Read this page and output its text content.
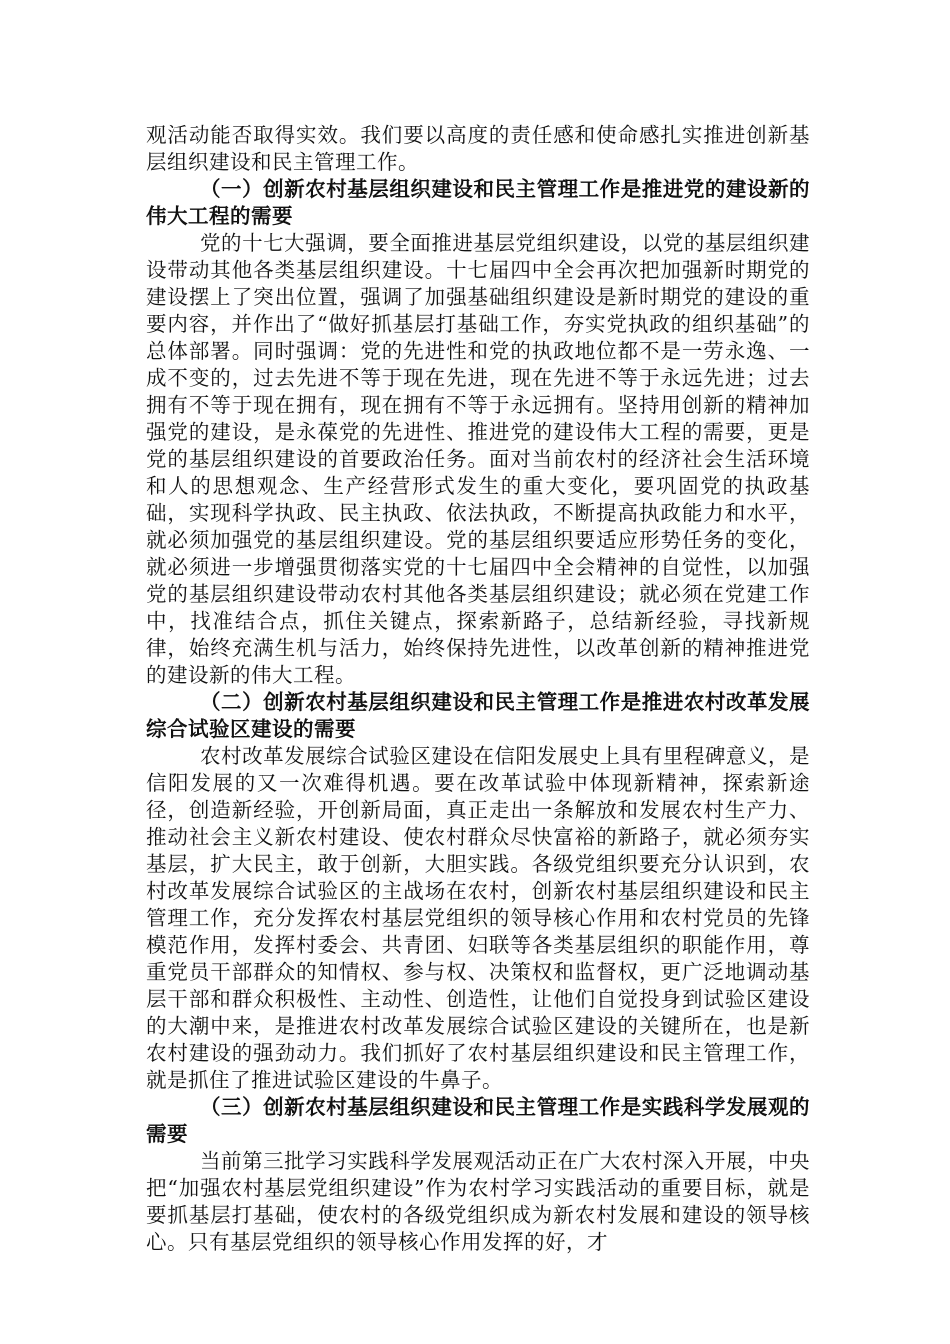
观活动能否取得实效。我们要以高度的责任感和使命感扎实推进创新基层组织建设和民主管理工作。

（一）创新农村基层组织建设和民主管理工作是推进党的建设新的伟大工程的需要

党的十七大强调，要全面推进基层党组织建设，以党的基层组织建设带动其他各类基层组织建设。十七届四中全会再次把加强新时期党的建设摆上了突出位置，强调了加强基础组织建设是新时期党的建设的重要内容，并作出了“做好抓基层打基础工作，夯实党执政的组织基础”的总体部署。同时强调：党的先进性和党的执政地位都不是一劳永逸、一成不变的，过去先进不等于现在先进，现在先进不等于永远先进；过去拥有不等于现在拥有，现在拥有不等于永远拥有。坚持用创新的精神加强党的建设，是永葆党的先进性、推进党的建设伟大工程的需要，更是党的基层组织建设的首要政治任务。面对当前农村的经济社会生活环境和人的思想观念、生产经营形式发生的重大变化，要巩固党的执政基础，实现科学执政、民主执政、依法执政，不断提高执政能力和水平，就必须加强党的基层组织建设。党的基层组织要适应形势任务的变化，就必须进一步增强贯彻落实党的十七届四中全会精神的自觉性，以加强党的基层组织建设带动农村其他各类基层组织建设；就必须在党建工作中，找准结合点，抓住关键点，探索新路子，总结新经验，寻找新规律，始终充满生机与活力，始终保持先进性，以改革创新的精神推进党的建设新的伟大工程。

（二）创新农村基层组织建设和民主管理工作是推进农村改革发展综合试验区建设的需要

农村改革发展综合试验区建设在信阳发展史上具有里程碑意义，是信阳发展的又一次难得机遇。要在改革试验中体现新精神，探索新途径，创造新经验，开创新局面，真正走出一条解放和发展农村生产力、推动社会主义新农村建设、使农村群众尽快富裕的新路子，就必须夯实基层，扩大民主，敢于创新，大胆实践。各级党组织要充分认识到，农村改革发展综合试验区的主战场在农村，创新农村基层组织建设和民主管理工作，充分发挥农村基层党组织的领导核心作用和农村党员的先锋模范作用，发挥村委会、共青团、妇联等各类基层组织的职能作用，尊重党员干部群众的知情权、参与权、决策权和监督权，更广泛地调动基层干部和群众积极性、主动性、创造性，让他们自觉投身到试验区建设的大潮中来，是推进农村改革发展综合试验区建设的关键所在，也是新农村建设的强劲动力。我们抓好了农村基层组织建设和民主管理工作，就是抓住了推进试验区建设的牛鼻子。

（三）创新农村基层组织建设和民主管理工作是实践科学发展观的需要

当前第三批学习实践科学发展观活动正在广大农村深入开展，中央把“加强农村基层党组织建设”作为农村学习实践活动的重要目标，就是要抓基层打基础，使农村的各级党组织成为新农村发展和建设的领导核心。只有基层党组织的领导核心作用发挥的好，才
